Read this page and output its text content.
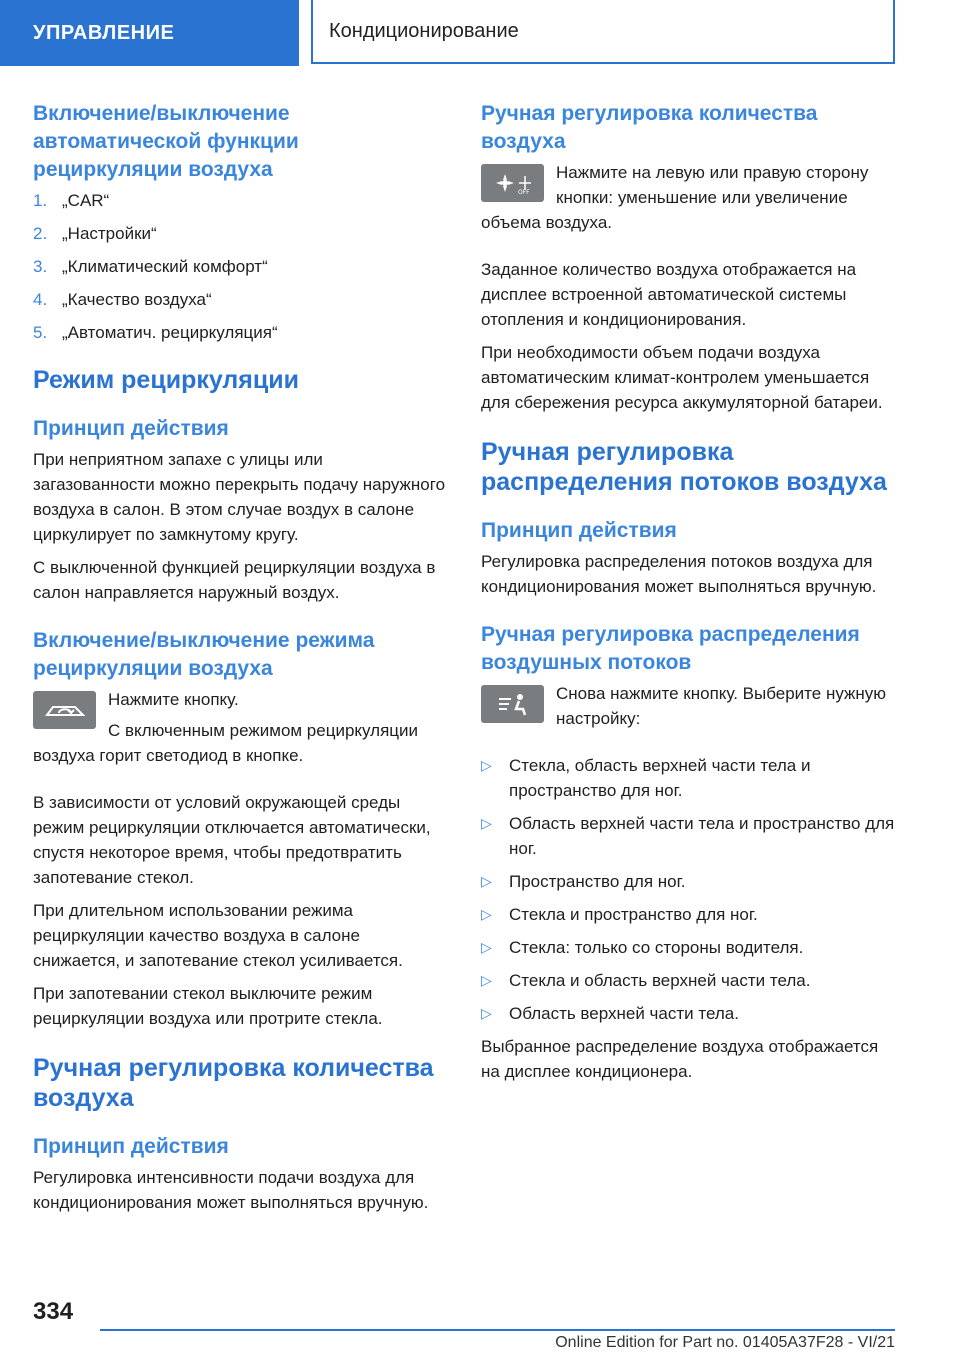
УПРАВЛЕНИЕ	Кондиционирование
Включение/выключение автоматической функции рециркуляции воздуха
1. „CAR“
2. „Настройки“
3. „Климатический комфорт“
4. „Качество воздуха“
5. „Автоматич. рециркуляция“
Режим рециркуляции
Принцип действия

При неприятном запахе с улицы или загазованности можно перекрыть подачу наружного воздуха в салон. В этом случае воздух в салоне циркулирует по замкнутому кругу.

С выключенной функцией рециркуляции воздуха в салон направляется наружный воздух.

Включение/выключение режима рециркуляции воздуха

Нажмите кнопку.

С включенным режимом рециркуляции воздуха горит светодиод в кнопке.

В зависимости от условий окружающей среды режим рециркуляции отключается автоматически, спустя некоторое время, чтобы предотвратить запотевание стекол.

При длительном использовании режима рециркуляции качество воздуха в салоне снижается, и запотевание стекол усиливается.

При запотевании стекол выключите режим рециркуляции воздуха или протрите стекла.

Ручная регулировка количества воздуха
Принцип действия

Регулировка интенсивности подачи воздуха для кондиционирования может выполняться вручную.

Ручная регулировка количества воздуха
OFF

Нажмите на левую или правую сторону кнопки: уменьшение или увеличение объема воздуха.

Заданное количество воздуха отображается на дисплее встроенной автоматической системы отопления и кондиционирования.

При необходимости объем подачи воздуха автоматическим климат-контролем уменьшается для сбережения ресурса аккумуляторной батареи.

Ручная регулировка распределения потоков воздуха
Принцип действия

Регулировка распределения потоков воздуха для кондиционирования может выполняться вручную.

Ручная регулировка распределения воздушных потоков

Снова нажмите кнопку. Выберите нужную настройку:

▷	Стекла, область верхней части тела и пространство для ног.
▷	Область верхней части тела и пространство для ног.
▷	Пространство для ног.
▷	Стекла и пространство для ног.
▷	Стекла: только со стороны водителя.
▷	Стекла и область верхней части тела.
▷	Область верхней части тела.

Выбранное распределение воздуха отображается на дисплее кондиционера.

334
Online Edition for Part no. 01405A37F28 - VI/21
